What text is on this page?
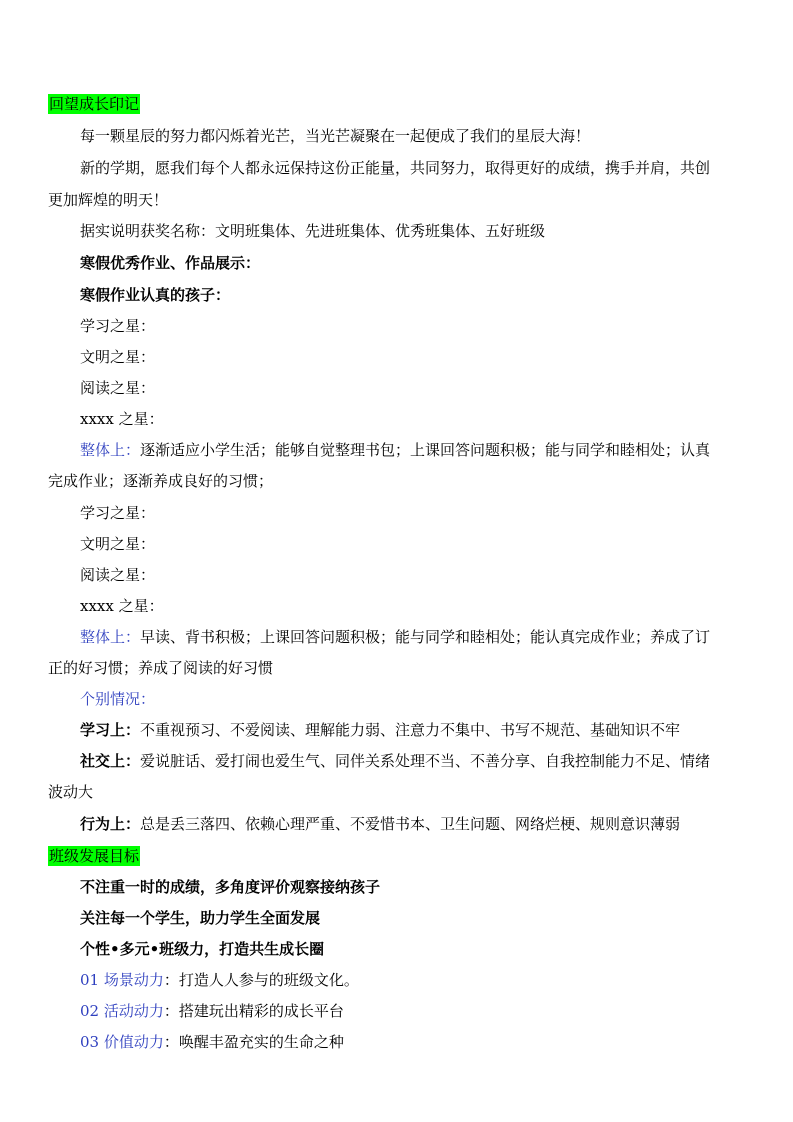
回望成长印记
每一颗星辰的努力都闪烁着光芒，当光芒凝聚在一起便成了我们的星辰大海！
新的学期，愿我们每个人都永远保持这份正能量，共同努力，取得更好的成绩，携手并肩，共创
更加辉煌的明天！
据实说明获奖名称：文明班集体、先进班集体、优秀班集体、五好班级
寒假优秀作业、作品展示：
寒假作业认真的孩子：
学习之星：
文明之星：
阅读之星：
xxxx 之星：
整体上：逐渐适应小学生活；能够自觉整理书包；上课回答问题积极；能与同学和睦相处；认真
完成作业；逐渐养成良好的习惯；
学习之星：
文明之星：
阅读之星：
xxxx 之星：
整体上：早读、背书积极；上课回答问题积极；能与同学和睦相处；能认真完成作业；养成了订
正的好习惯；养成了阅读的好习惯
个别情况：
学习上：不重视预习、不爱阅读、理解能力弱、注意力不集中、书写不规范、基础知识不牢
社交上：爱说脏话、爱打闹也爱生气、同伴关系处理不当、不善分享、自我控制能力不足、情绪
波动大
行为上：总是丢三落四、依赖心理严重、不爱惜书本、卫生问题、网络烂梗、规则意识薄弱
班级发展目标
不注重一时的成绩，多角度评价观察接纳孩子
关注每一个学生，助力学生全面发展
个性•多元•班级力，打造共生成长圈
01 场景动力：打造人人参与的班级文化。
02 活动动力：搭建玩出精彩的成长平台
03 价值动力：唤醒丰盈充实的生命之种
